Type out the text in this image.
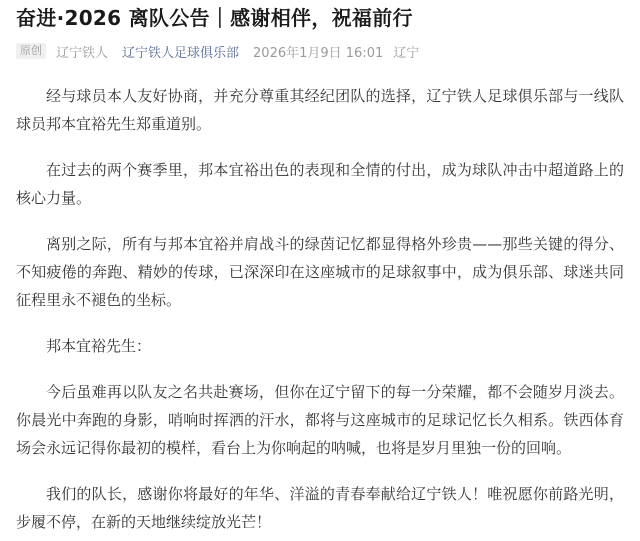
奋进·2026 离队公告｜感谢相伴，祝福前行
原创	辽宁铁人 辽宁铁人足球俱乐部 2026年1月9日 16:01 辽宁

经与球员本人友好协商，并充分尊重其经纪团队的选择，辽宁铁人足球俱乐部与一线队球员邦本宜裕先生郑重道别。

在过去的两个赛季里，邦本宜裕出色的表现和全情的付出，成为球队冲击中超道路上的核心力量。

离别之际，所有与邦本宜裕并肩战斗的绿茵记忆都显得格外珍贵——那些关键的得分、不知疲倦的奔跑、精妙的传球，已深深印在这座城市的足球叙事中，成为俱乐部、球迷共同征程里永不褪色的坐标。

邦本宜裕先生：

今后虽难再以队友之名共赴赛场，但你在辽宁留下的每一分荣耀，都不会随岁月淡去。你晨光中奔跑的身影，哨响时挥洒的汗水，都将与这座城市的足球记忆长久相系。铁西体育场会永远记得你最初的模样，看台上为你响起的呐喊，也将是岁月里独一份的回响。

我们的队长，感谢你将最好的年华、洋溢的青春奉献给辽宁铁人！唯祝愿你前路光明，步履不停，在新的天地继续绽放光芒！
